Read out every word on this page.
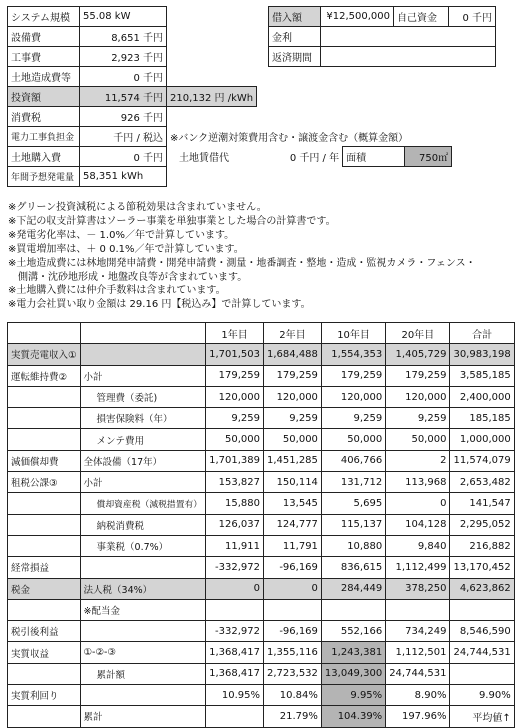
システム規模	55.08 kW				
設備費	8,651 千円				
工事費	2,923 千円				
土地造成費等	0 千円				
投資額	11,574 千円	210,132 円 /kWh			
消費税	926 千円				
電力工事負担金	千円 / 税込	※バンク逆潮対策費用含む・譲渡金含む（概算金額）			
土地購入費	0 千円	土地賃借代	0 千円 / 年	面積	750㎡
年間予想発電量	58,351 kWh				
借入額	¥12,500,000	自己資金	0 千円
金利			
返済期間			
※グリーン投資減税による節税効果は含まれていません。
※下記の収支計算書はソーラー事業を単独事業とした場合の計算書です。
※発電劣化率は、－ 1.0%／年で計算しています。
※買電増加率は、＋ 0 0.1%／年で計算しています。
※土地造成費には林地開発申請費・開発申請費・測量・地番調査・整地・造成・監視カメラ・フェンス・
　側溝・沈砂地形成・地盤改良等が含まれています。
※土地購入費には仲介手数料は含まれています。
※電力会社買い取り金額は 29.16 円【税込み】で計算しています。
		1年目	2年目	10年目	20年目	合計
実質売電収入①		1,701,503	1,684,488	1,554,353	1,405,729	30,983,198
運転維持費②	小計	179,259	179,259	179,259	179,259	3,585,185
	管理費（委託)	120,000	120,000	120,000	120,000	2,400,000
	損害保険料（年）	9,259	9,259	9,259	9,259	185,185
	メンテ費用	50,000	50,000	50,000	50,000	1,000,000
減価償却費	全体設備（17年）	1,701,389	1,451,285	406,766	2	11,574,079
租税公課③	小計	153,827	150,114	131,712	113,968	2,653,482
	償却資産税（減税措置有）	15,880	13,545	5,695	0	141,547
	納税消費税	126,037	124,777	115,137	104,128	2,295,052
	事業税（0.7%）	11,911	11,791	10,880	9,840	216,882
経常損益		-332,972	-96,169	836,615	1,112,499	13,170,452
税金	法人税（34%）	0	0	284,449	378,250	4,623,862
	※配当金					
税引後利益		-332,972	-96,169	552,166	734,249	8,546,590
実質収益	①-②-③	1,368,417	1,355,116	1,243,381	1,112,501	24,744,531
	累計額	1,368,417	2,723,532	13,049,300	24,744,531	
実質利回り		10.95%	10.84%	9.95%	8.90%	9.90%
	累計		21.79%	104.39%	197.96%	平均値↑
